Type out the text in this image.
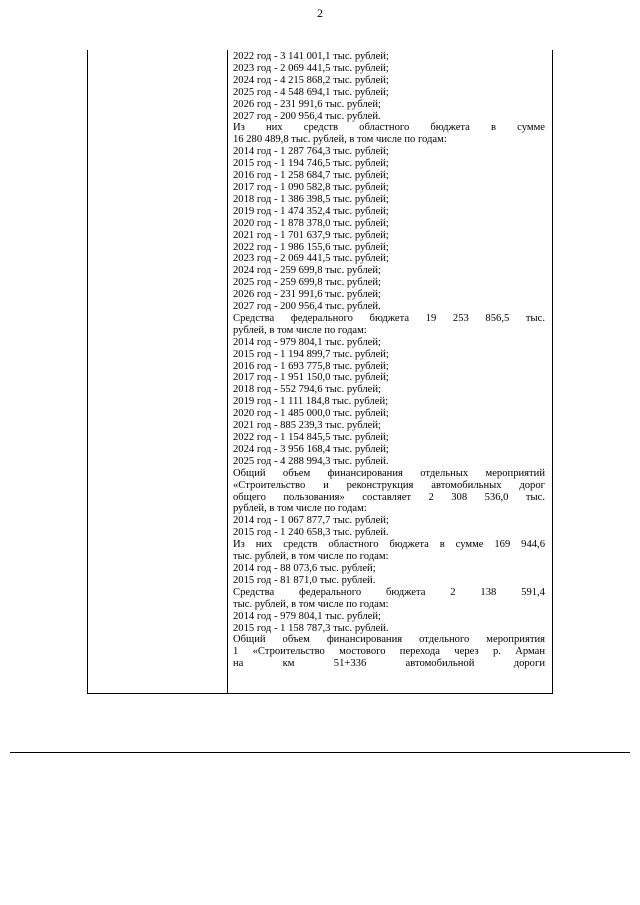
2
2022 год - 3 141 001,1 тыс. рублей;
2023 год - 2 069 441,5 тыс. рублей;
2024 год - 4 215 868,2 тыс. рублей;
2025 год - 4 548 694,1 тыс. рублей;
2026 год - 231 991,6 тыс. рублей;
2027 год - 200 956,4 тыс. рублей.
Из них средств областного бюджета в сумме
16 280 489,8 тыс. рублей, в том числе по годам:
2014 год - 1 287 764,3 тыс. рублей;
2015 год - 1 194 746,5 тыс. рублей;
2016 год - 1 258 684,7 тыс. рублей;
2017 год - 1 090 582,8 тыс. рублей;
2018 год - 1 386 398,5 тыс. рублей;
2019 год - 1 474 352,4 тыс. рублей;
2020 год - 1 878 378,0 тыс. рублей;
2021 год - 1 701 637,9 тыс. рублей;
2022 год - 1 986 155,6 тыс. рублей;
2023 год - 2 069 441,5 тыс. рублей;
2024 год - 259 699,8 тыс. рублей;
2025 год - 259 699,8 тыс. рублей;
2026 год - 231 991,6 тыс. рублей;
2027 год - 200 956,4 тыс. рублей.
Средства федерального бюджета 19 253 856,5 тыс.
рублей, в том числе по годам:
2014 год - 979 804,1 тыс. рублей;
2015 год - 1 194 899,7 тыс. рублей;
2016 год - 1 693 775,8 тыс. рублей;
2017 год - 1 951 150,0 тыс. рублей;
2018 год - 552 794,6 тыс. рублей;
2019 год - 1 111 184,8 тыс. рублей;
2020 год - 1 485 000,0 тыс. рублей;
2021 год - 885 239,3 тыс. рублей;
2022 год - 1 154 845,5 тыс. рублей;
2024 год - 3 956 168,4 тыс. рублей;
2025 год - 4 288 994,3 тыс. рублей.
Общий объем финансирования отдельных мероприятий
«Строительство и реконструкция автомобильных дорог
общего пользования» составляет 2 308 536,0 тыс.
рублей, в том числе по годам:
2014 год - 1 067 877,7 тыс. рублей;
2015 год - 1 240 658,3 тыс. рублей.
Из них средств областного бюджета в сумме 169 944,6
тыс. рублей, в том числе по годам:
2014 год - 88 073,6 тыс. рублей;
2015 год - 81 871,0 тыс. рублей.
Средства федерального бюджета 2 138 591,4
тыс. рублей, в том числе по годам:
2014 год - 979 804,1 тыс. рублей;
2015 год - 1 158 787,3 тыс. рублей.
Общий объем финансирования отдельного мероприятия
1 «Строительство мостового перехода через р. Арман
на км 51+336 автомобильной дороги
